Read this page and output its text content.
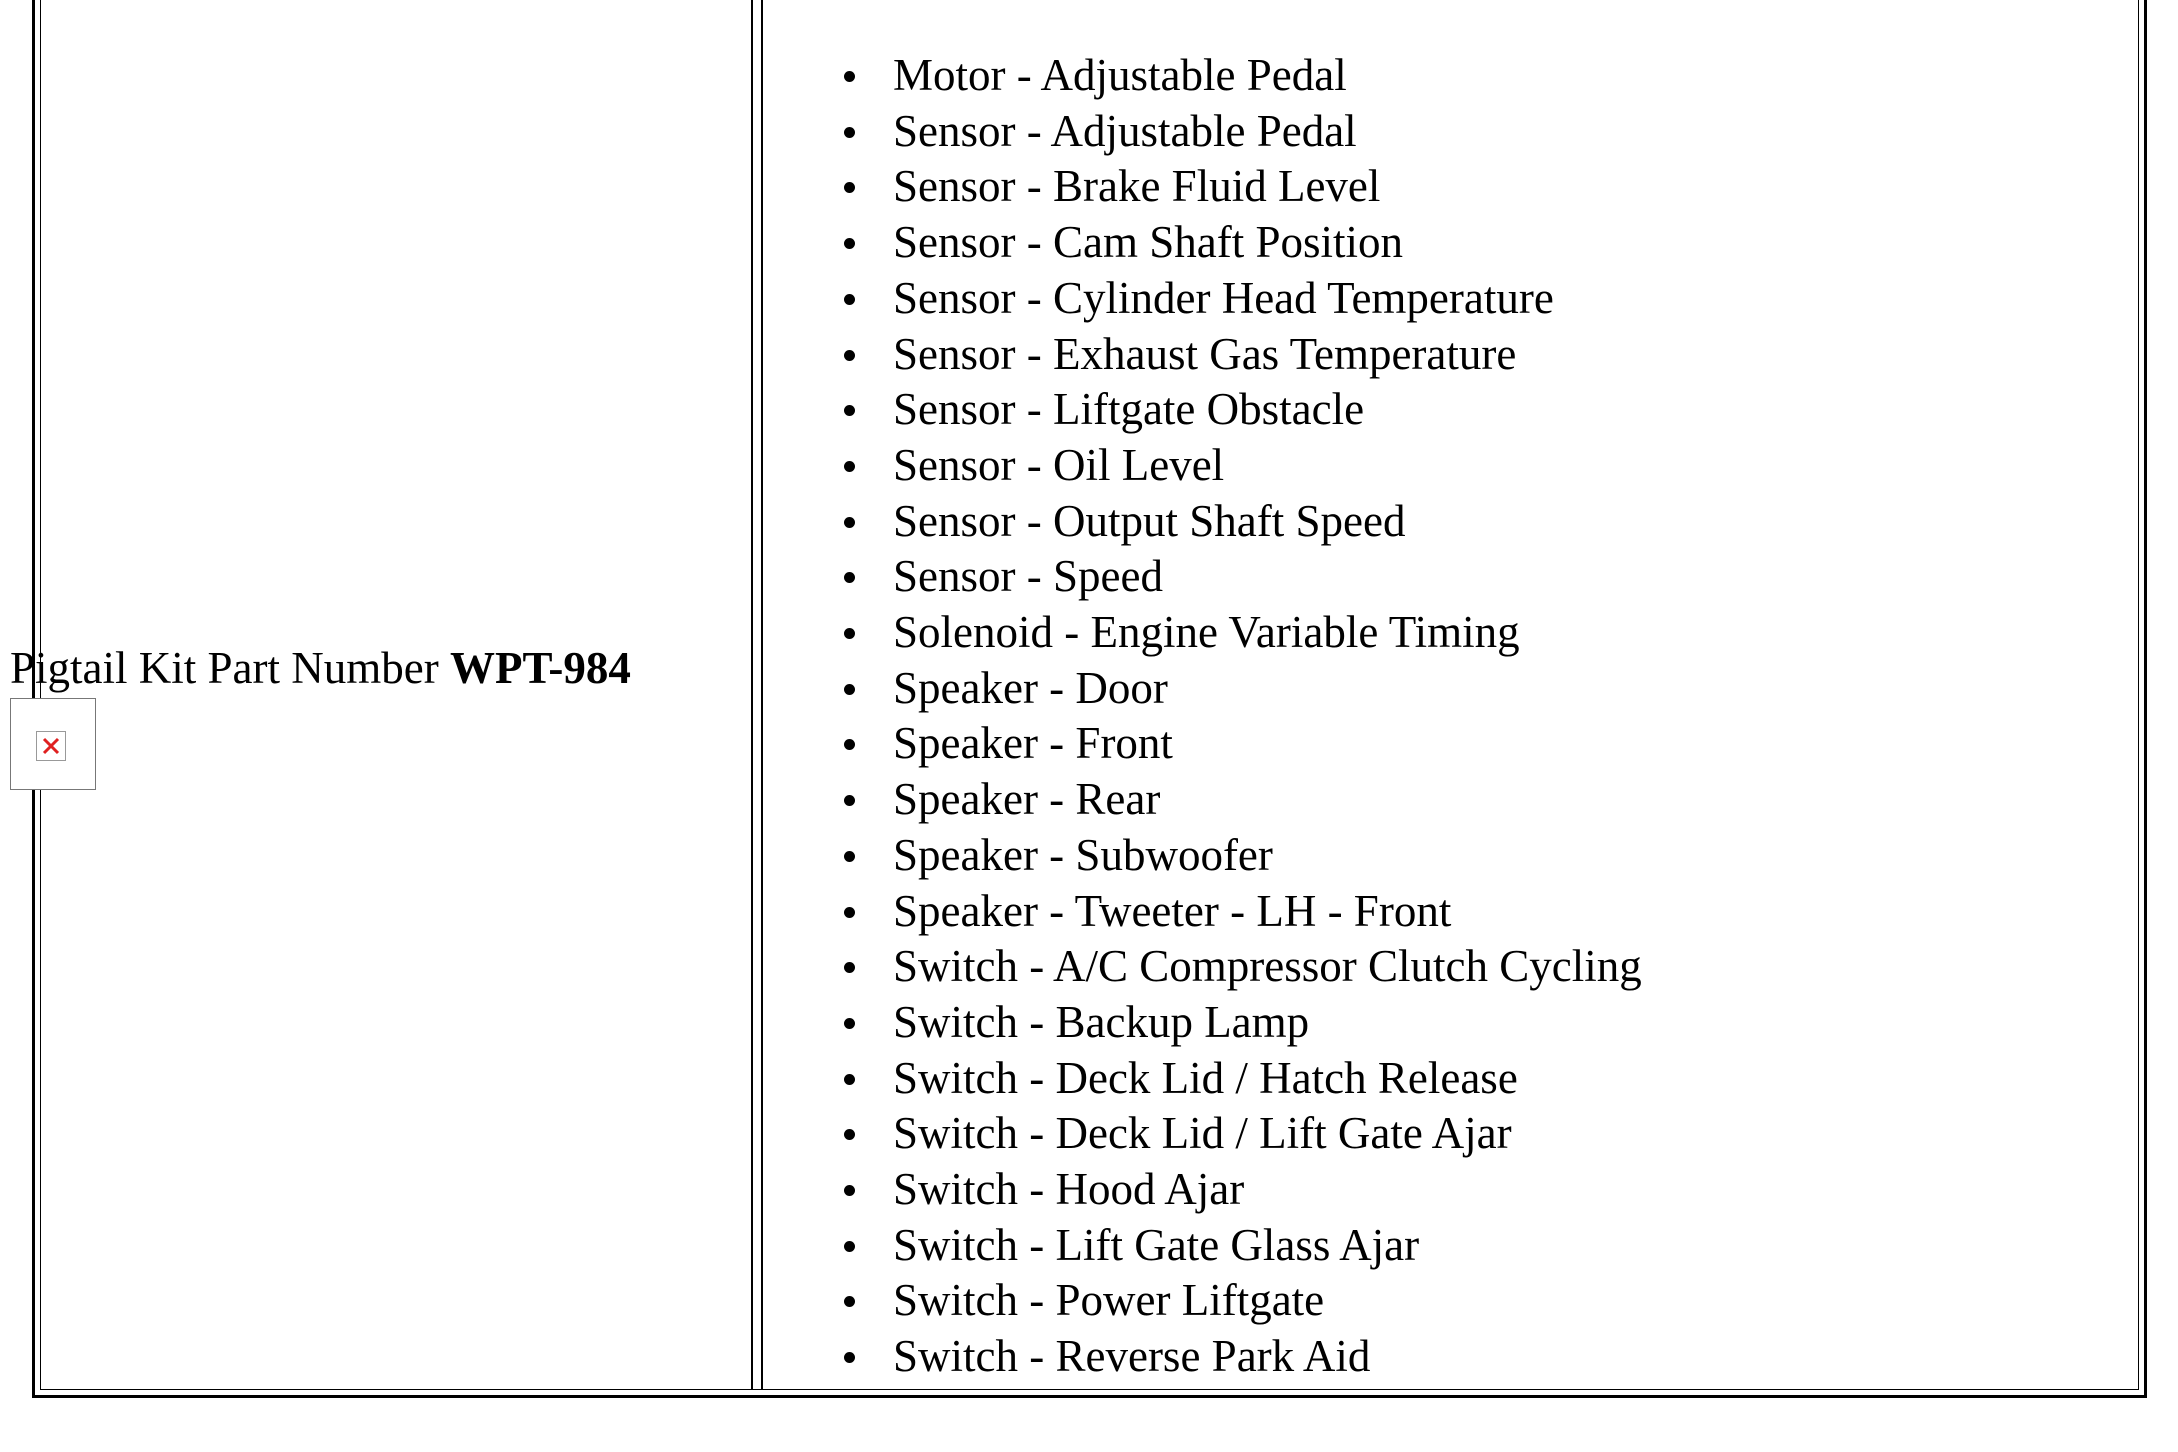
Pigtail Kit Part Number WPT-984
Motor - Adjustable Pedal
Sensor - Adjustable Pedal
Sensor - Brake Fluid Level
Sensor - Cam Shaft Position
Sensor - Cylinder Head Temperature
Sensor - Exhaust Gas Temperature
Sensor - Liftgate Obstacle
Sensor - Oil Level
Sensor - Output Shaft Speed
Sensor - Speed
Solenoid - Engine Variable Timing
Speaker - Door
Speaker - Front
Speaker - Rear
Speaker - Subwoofer
Speaker - Tweeter - LH - Front
Switch - A/C Compressor Clutch Cycling
Switch - Backup Lamp
Switch - Deck Lid / Hatch Release
Switch - Deck Lid / Lift Gate Ajar
Switch - Hood Ajar
Switch - Lift Gate Glass Ajar
Switch - Power Liftgate
Switch - Reverse Park Aid
